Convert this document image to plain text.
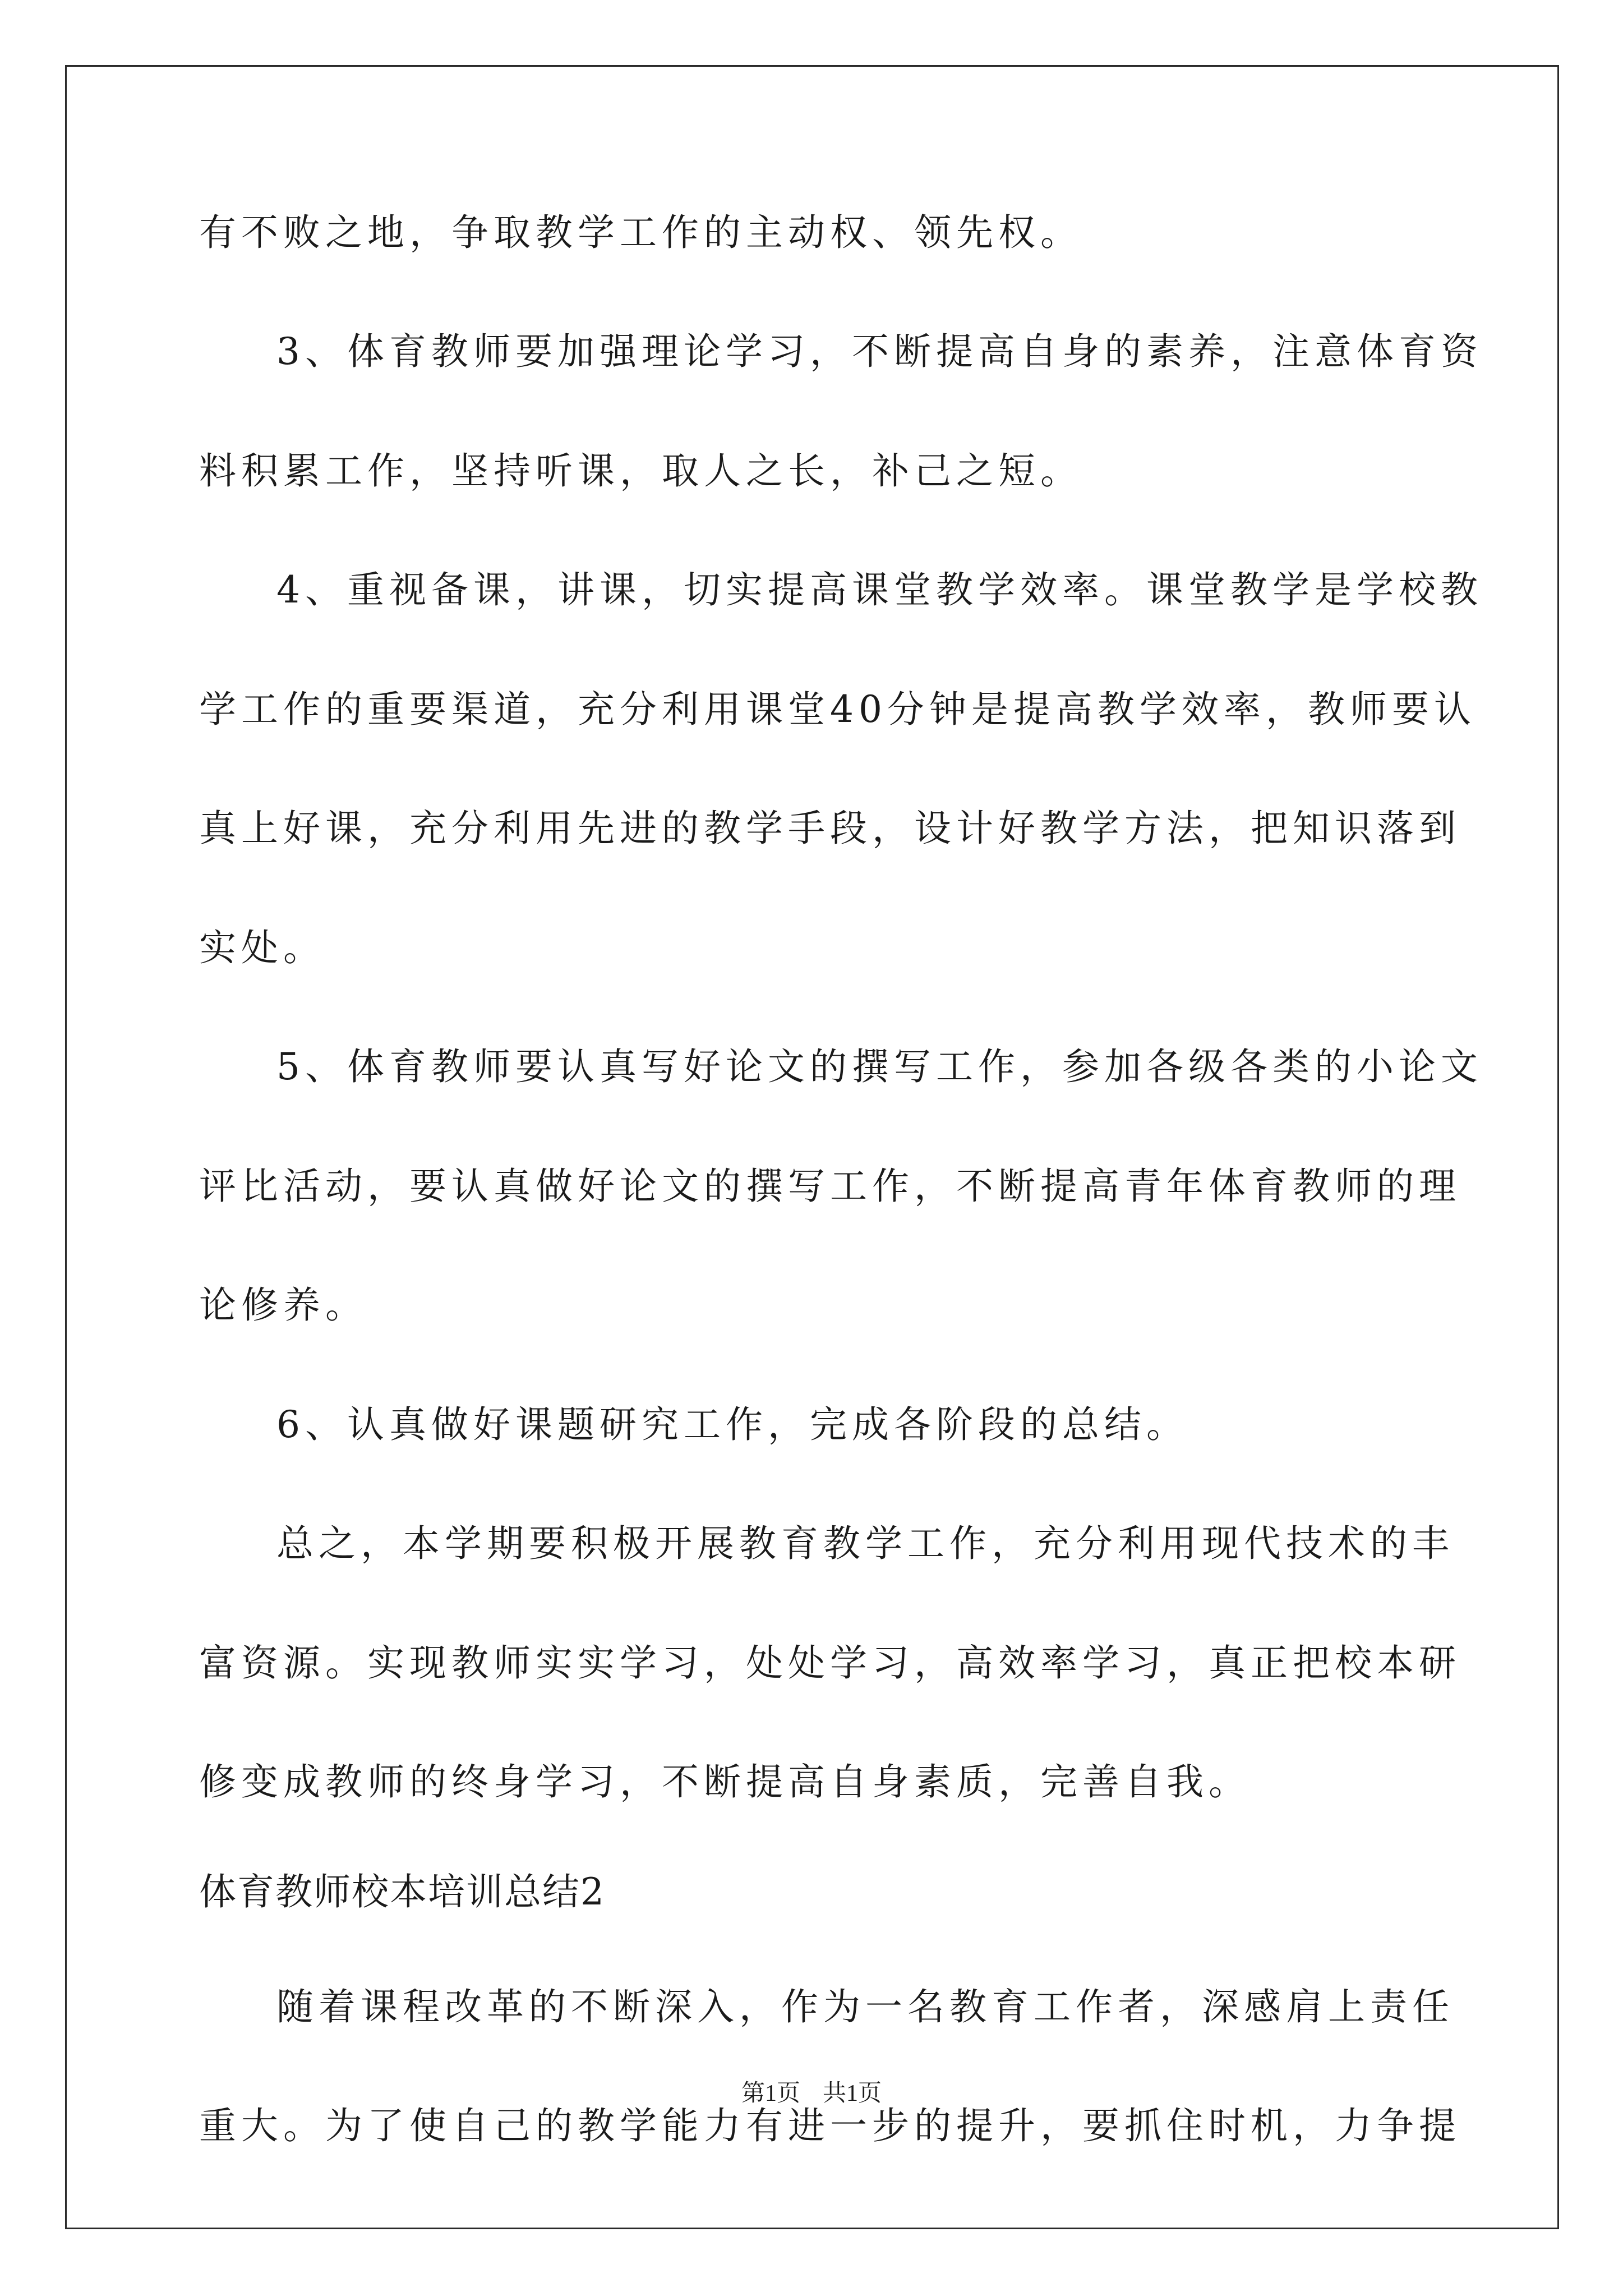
有不败之地，争取教学工作的主动权、领先权。
3、体育教师要加强理论学习，不断提高自身的素养，注意体育资
料积累工作，坚持听课，取人之长，补己之短。
4、重视备课，讲课，切实提高课堂教学效率。课堂教学是学校教
学工作的重要渠道，充分利用课堂40分钟是提高教学效率，教师要认
真上好课，充分利用先进的教学手段，设计好教学方法，把知识落到
实处。
5、体育教师要认真写好论文的撰写工作，参加各级各类的小论文
评比活动，要认真做好论文的撰写工作，不断提高青年体育教师的理
论修养。
6、认真做好课题研究工作，完成各阶段的总结。
总之，本学期要积极开展教育教学工作，充分利用现代技术的丰
富资源。实现教师实实学习，处处学习，高效率学习，真正把校本研
修变成教师的终身学习，不断提高自身素质，完善自我。
体育教师校本培训总结2
随着课程改革的不断深入，作为一名教育工作者，深感肩上责任
重大。为了使自己的教学能力有进一步的提升，要抓住时机，力争提
第1页 共1页
